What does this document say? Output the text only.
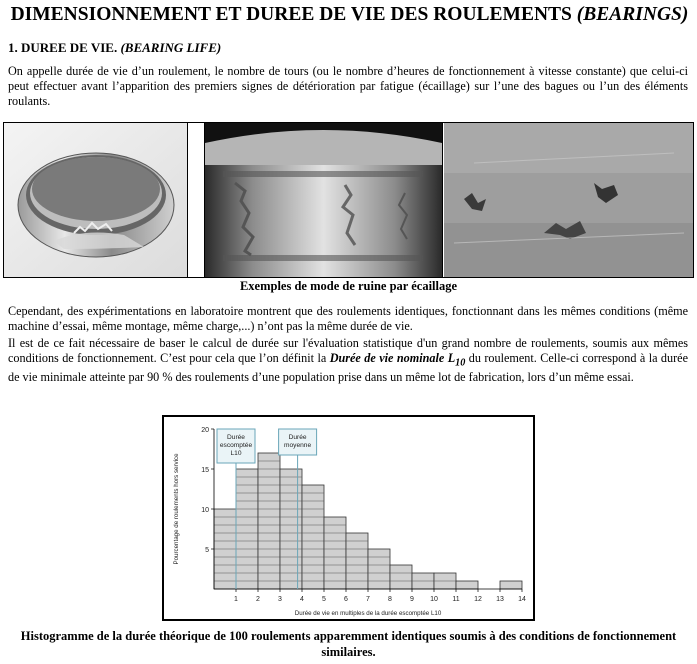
DIMENSIONNEMENT ET DUREE DE VIE DES ROULEMENTS (BEARINGS)
1. DUREE DE VIE. (BEARING LIFE)
On appelle durée de vie d’un roulement, le nombre de tours (ou le nombre d’heures de fonctionnement à vitesse constante) que celui-ci peut effectuer avant l’apparition des premiers signes de détérioration par fatigue (écaillage) sur l’une des bagues ou l’un des éléments roulants.
Exemples de mode de ruine par écaillage
Cependant, des expérimentations en laboratoire montrent que des roulements identiques, fonctionnant dans les mêmes conditions (même machine d’essai, même montage, même charge,...) n’ont pas la même durée de vie.
Il est de ce fait nécessaire de baser le calcul de durée sur l'évaluation statistique d'un grand nombre de roulements, soumis aux mêmes conditions de fonctionnement. C’est pour cela que l’on définit la Durée de vie nominale $L_{10}$ du roulement. Celle-ci correspond à la durée de vie minimale atteinte par 90 % des roulements d’une population prise dans un même lot de fabrication, lors d’un même essai.
5
10
15
20
1	2	3	4	5	6	7	8	9 10 11 12 13 14
Durée de vie en multiples de la durée escomptée L10
Pourcentage de roulements hors service
Durée
escomptée
L10
Durée
moyenne
Histogramme de la durée théorique de 100 roulements apparemment identiques soumis à des conditions de fonctionnement similaires.
